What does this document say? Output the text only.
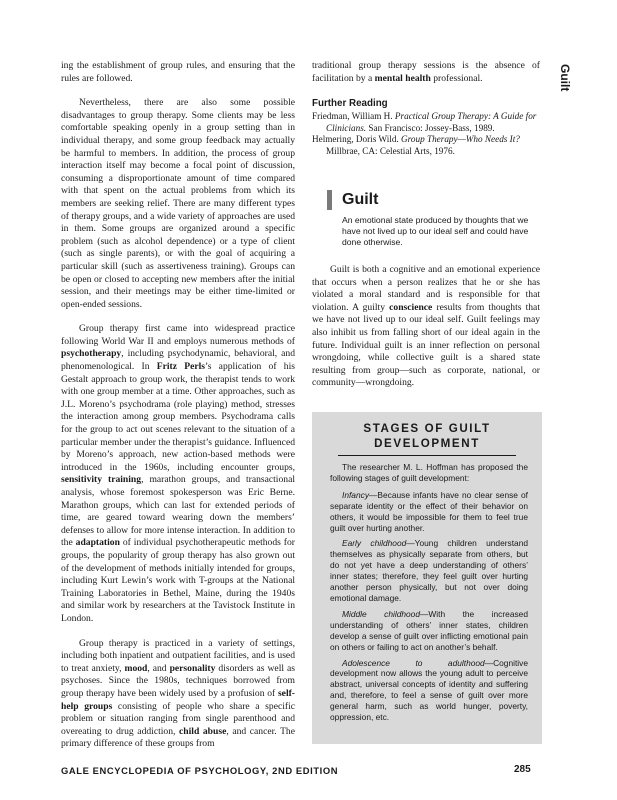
Guilt

ing the establishment of group rules, and ensuring that the rules are followed.

Nevertheless, there are also some possible disadvantages to group therapy. Some clients may be less comfortable speaking openly in a group setting than in individual therapy, and some group feedback may actually be harmful to members. In addition, the process of group interaction itself may become a focal point of discussion, consuming a disproportionate amount of time compared with that spent on the actual problems from which its members are seeking relief. There are many different types of therapy groups, and a wide variety of approaches are used in them. Some groups are organized around a specific problem (such as alcohol dependence) or a type of client (such as single parents), or with the goal of acquiring a particular skill (such as assertiveness training). Groups can be open or closed to accepting new members after the initial session, and their meetings may be either time-limited or open-ended sessions.

Group therapy first came into widespread practice following World War II and employs numerous methods of psychotherapy, including psychodynamic, behavioral, and phenomenological. In Fritz Perls’s application of his Gestalt approach to group work, the therapist tends to work with one group member at a time. Other approaches, such as J.L. Moreno’s psychodrama (role playing) method, stresses the interaction among group members. Psychodrama calls for the group to act out scenes relevant to the situation of a particular member under the therapist’s guidance. Influenced by Moreno’s approach, new action-based methods were introduced in the 1960s, including encounter groups, sensitivity training, marathon groups, and transactional analysis, whose foremost spokesperson was Eric Berne. Marathon groups, which can last for extended periods of time, are geared toward wearing down the members’ defenses to allow for more intense interaction. In addition to the adaptation of individual psychotherapeutic methods for groups, the popularity of group therapy has also grown out of the development of methods initially intended for groups, including Kurt Lewin’s work with T-groups at the National Training Laboratories in Bethel, Maine, during the 1940s and similar work by researchers at the Tavistock Institute in London.

Group therapy is practiced in a variety of settings, including both inpatient and outpatient facilities, and is used to treat anxiety, mood, and personality disorders as well as psychoses. Since the 1980s, techniques borrowed from group therapy have been widely used by a profusion of self-help groups consisting of people who share a specific problem or situation ranging from single parenthood and overeating to drug addiction, child abuse, and cancer. The primary difference of these groups from

traditional group therapy sessions is the absence of facilitation by a mental health professional.

Further Reading

Friedman, William H. Practical Group Therapy: A Guide for Clinicians. San Francisco: Jossey-Bass, 1989.

Helmering, Doris Wild. Group Therapy—Who Needs It? Millbrae, CA: Celestial Arts, 1976.

Guilt
An emotional state produced by thoughts that we have not lived up to our ideal self and could have done otherwise.

Guilt is both a cognitive and an emotional experience that occurs when a person realizes that he or she has violated a moral standard and is responsible for that violation. A guilty conscience results from thoughts that we have not lived up to our ideal self. Guilt feelings may also inhibit us from falling short of our ideal again in the future. Individual guilt is an inner reflection on personal wrongdoing, while collective guilt is a shared state resulting from group—such as corporate, national, or community—wrongdoing.

STAGES OF GUILT
DEVELOPMENT

The researcher M. L. Hoffman has proposed the following stages of guilt development:

Infancy—Because infants have no clear sense of separate identity or the effect of their behavior on others, it would be impossible for them to feel true guilt over hurting another.

Early childhood—Young children understand themselves as physically separate from others, but do not yet have a deep understanding of others’ inner states; therefore, they feel guilt over hurting another person physically, but not over doing emotional damage.

Middle childhood—With the increased understanding of others’ inner states, children develop a sense of guilt over inflicting emotional pain on others or failing to act on another’s behalf.

Adolescence to adulthood—Cognitive development now allows the young adult to perceive abstract, universal concepts of identity and suffering and, therefore, to feel a sense of guilt over more general harm, such as world hunger, poverty, oppression, etc.

GALE ENCYCLOPEDIA OF PSYCHOLOGY, 2ND EDITION	285
